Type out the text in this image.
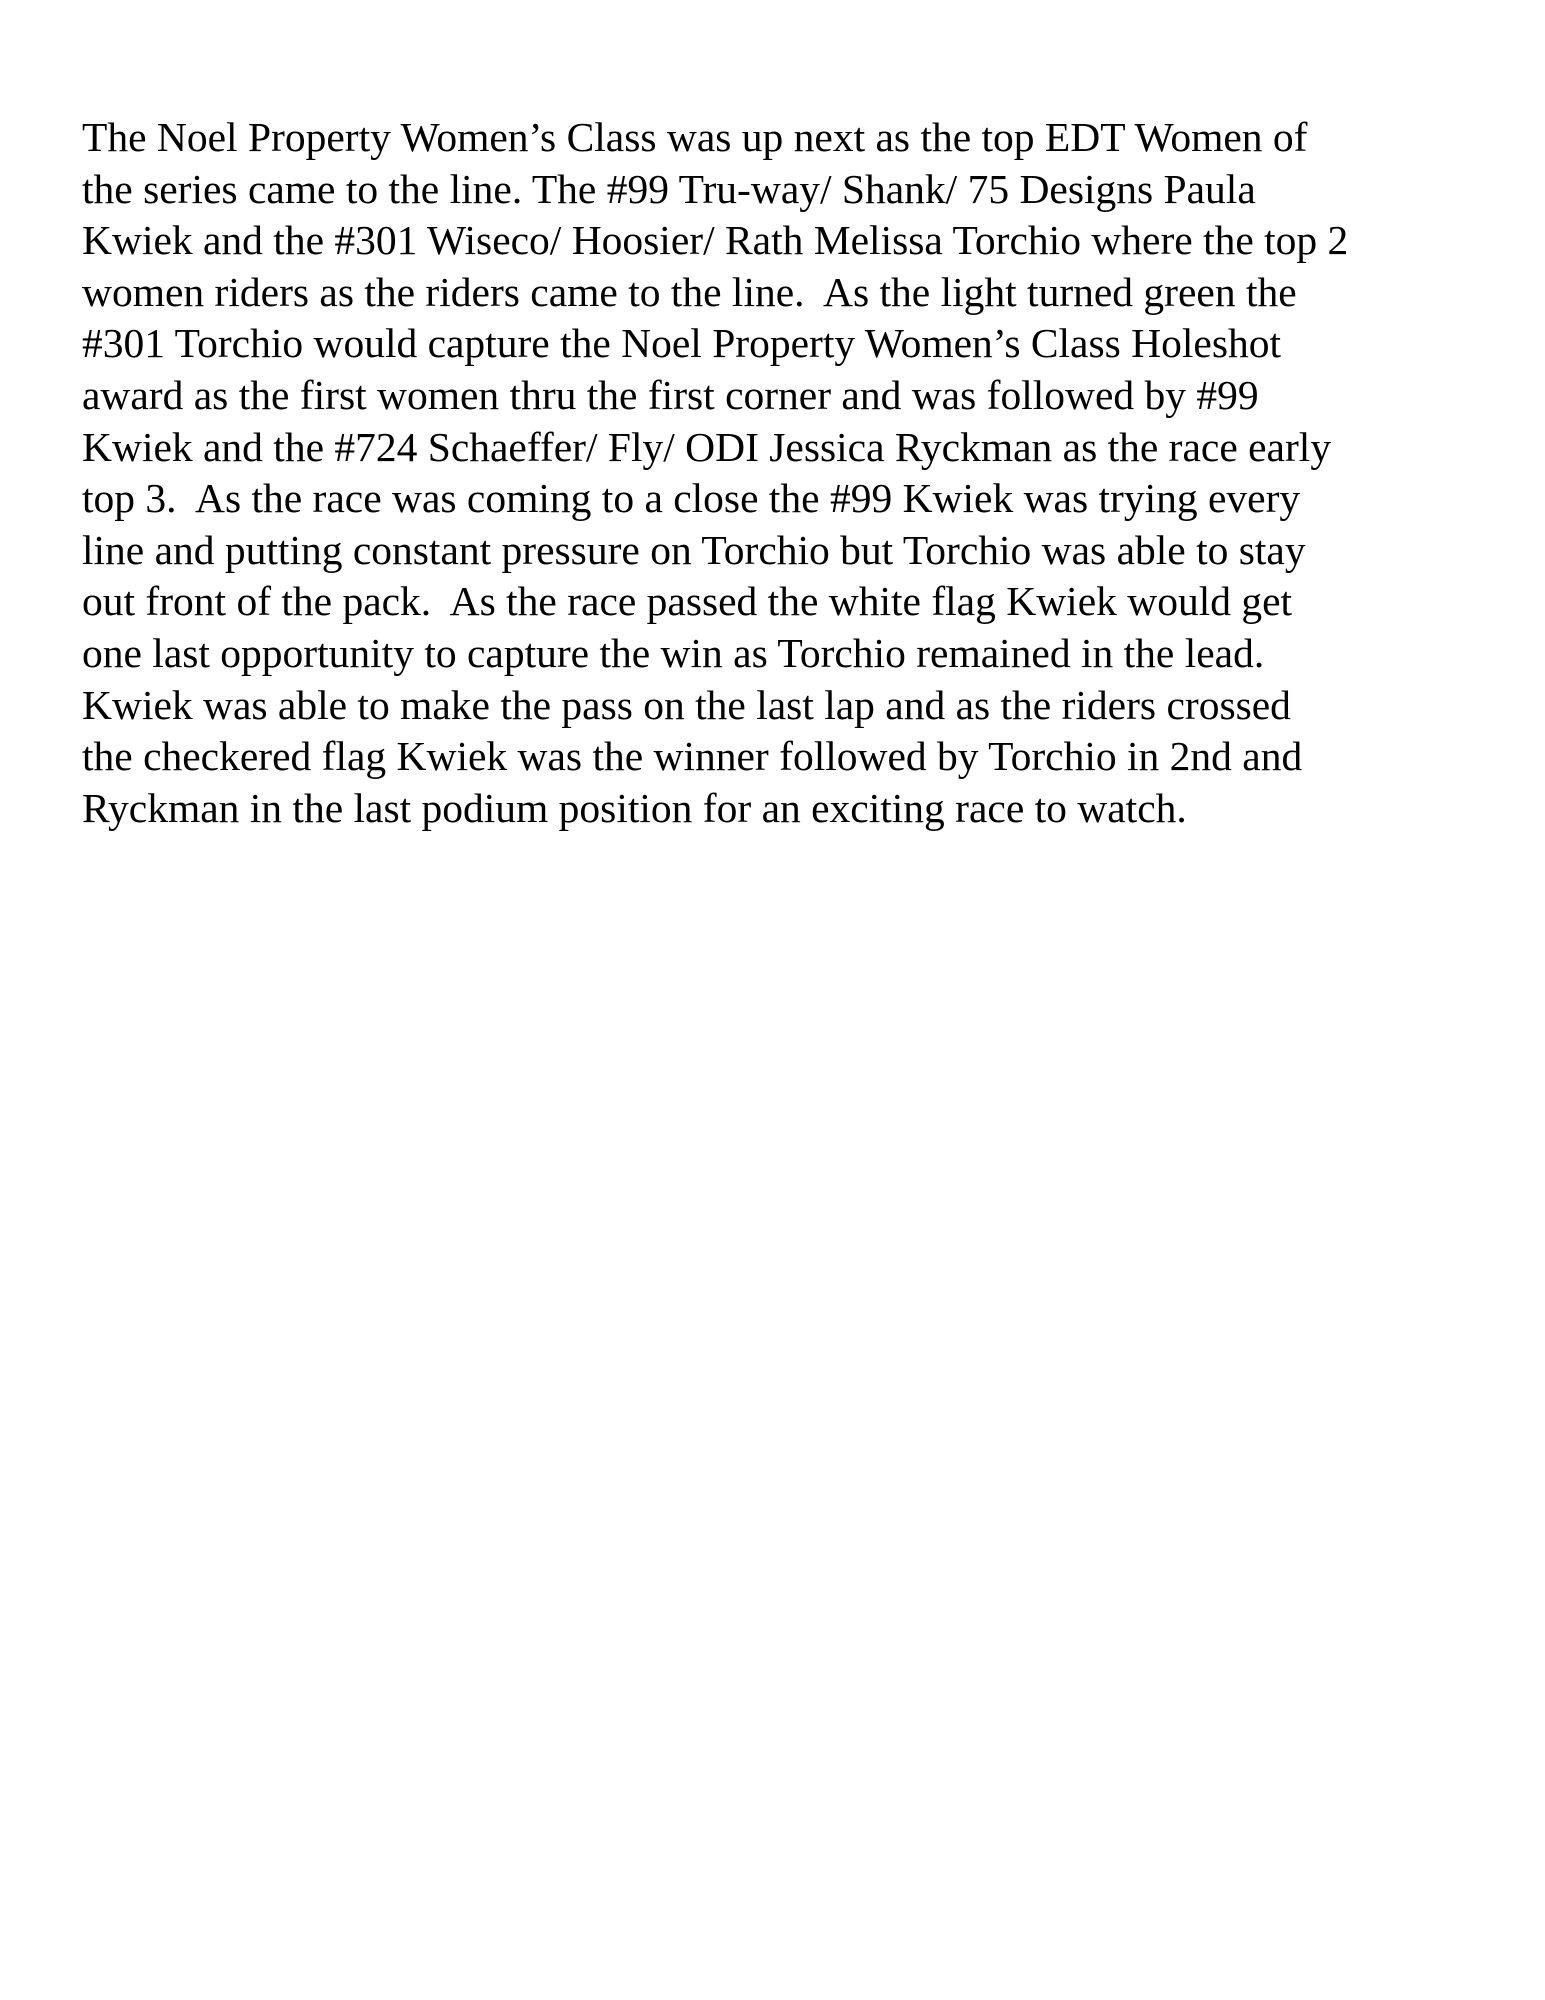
The Noel Property Women’s Class was up next as the top EDT Women of
the series came to the line. The #99 Tru-way/ Shank/ 75 Designs Paula
Kwiek and the #301 Wiseco/ Hoosier/ Rath Melissa Torchio where the top 2
women riders as the riders came to the line.  As the light turned green the
#301 Torchio would capture the Noel Property Women’s Class Holeshot
award as the first women thru the first corner and was followed by #99
Kwiek and the #724 Schaeffer/ Fly/ ODI Jessica Ryckman as the race early
top 3.  As the race was coming to a close the #99 Kwiek was trying every
line and putting constant pressure on Torchio but Torchio was able to stay
out front of the pack.  As the race passed the white flag Kwiek would get
one last opportunity to capture the win as Torchio remained in the lead.
Kwiek was able to make the pass on the last lap and as the riders crossed
the checkered flag Kwiek was the winner followed by Torchio in 2nd and
Ryckman in the last podium position for an exciting race to watch.
